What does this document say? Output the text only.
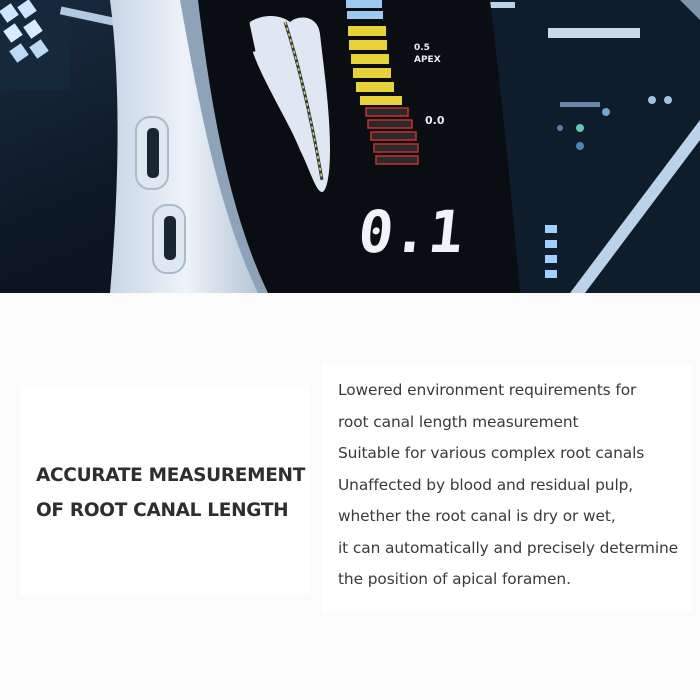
0.5
APEX
0.0
0.1
ACCURATE MEASUREMENT
OF ROOT CANAL LENGTH
Lowered environment requirements for
root canal length measurement
Suitable for various complex root canals
Unaffected by blood and residual pulp,
whether the root canal is dry or wet,
it can automatically and precisely determine
the position of apical foramen.
